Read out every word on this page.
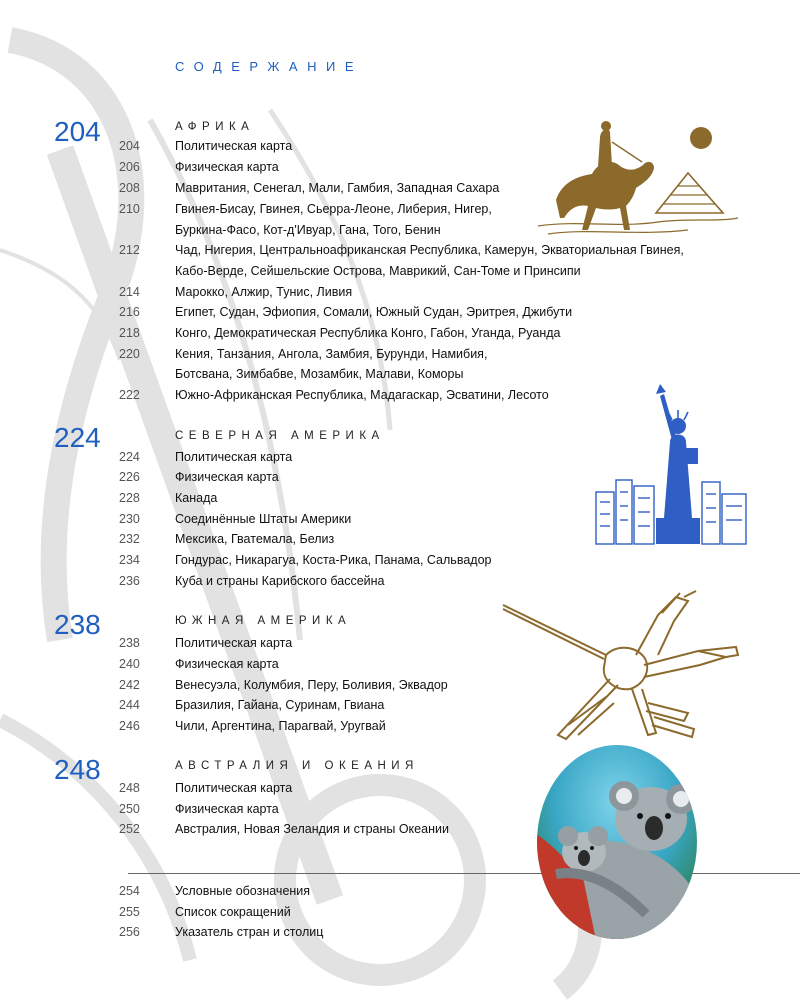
СОДЕРЖАНИЕ
204	АФРИКА
204	Политическая карта
206	Физическая карта
208	Мавритания, Сенегал, Мали, Гамбия, Западная Сахара
210	Гвинея-Бисау, Гвинея, Сьерра-Леоне, Либерия, Нигер,
Буркина-Фасо, Кот-д'Ивуар, Гана, Того, Бенин
212	Чад, Нигерия, Центральноафриканская Республика, Камерун, Экваториальная Гвинея,
Кабо-Верде, Сейшельские Острова, Маврикий, Сан-Томе и Принсипи
214	Марокко, Алжир, Тунис, Ливия
216	Египет, Судан, Эфиопия, Сомали, Южный Судан, Эритрея, Джибути
218	Конго, Демократическая Республика Конго, Габон, Уганда, Руанда
220	Кения, Танзания, Ангола, Замбия, Бурунди, Намибия,
Ботсвана, Зимбабве, Мозамбик, Малави, Коморы
222	Южно-Африканская Республика, Мадагаскар, Эсватини, Лесото
224	СЕВЕРНАЯ АМЕРИКА
224	Политическая карта
226	Физическая карта
228	Канада
230	Соединённые Штаты Америки
232	Мексика, Гватемала, Белиз
234	Гондурас, Никарагуа, Коста-Рика, Панама, Сальвадор
236	Куба и страны Карибского бассейна
238	ЮЖНАЯ АМЕРИКА
238	Политическая карта
240	Физическая карта
242	Венесуэла, Колумбия, Перу, Боливия, Эквадор
244	Бразилия, Гайана, Суринам, Гвиана
246	Чили, Аргентина, Парагвай, Уругвай
248	АВСТРАЛИЯ И ОКЕАНИЯ
248	Политическая карта
250	Физическая карта
252	Австралия, Новая Зеландия и страны Океании
254	Условные обозначения
255	Список сокращений
256	Указатель стран и столиц
